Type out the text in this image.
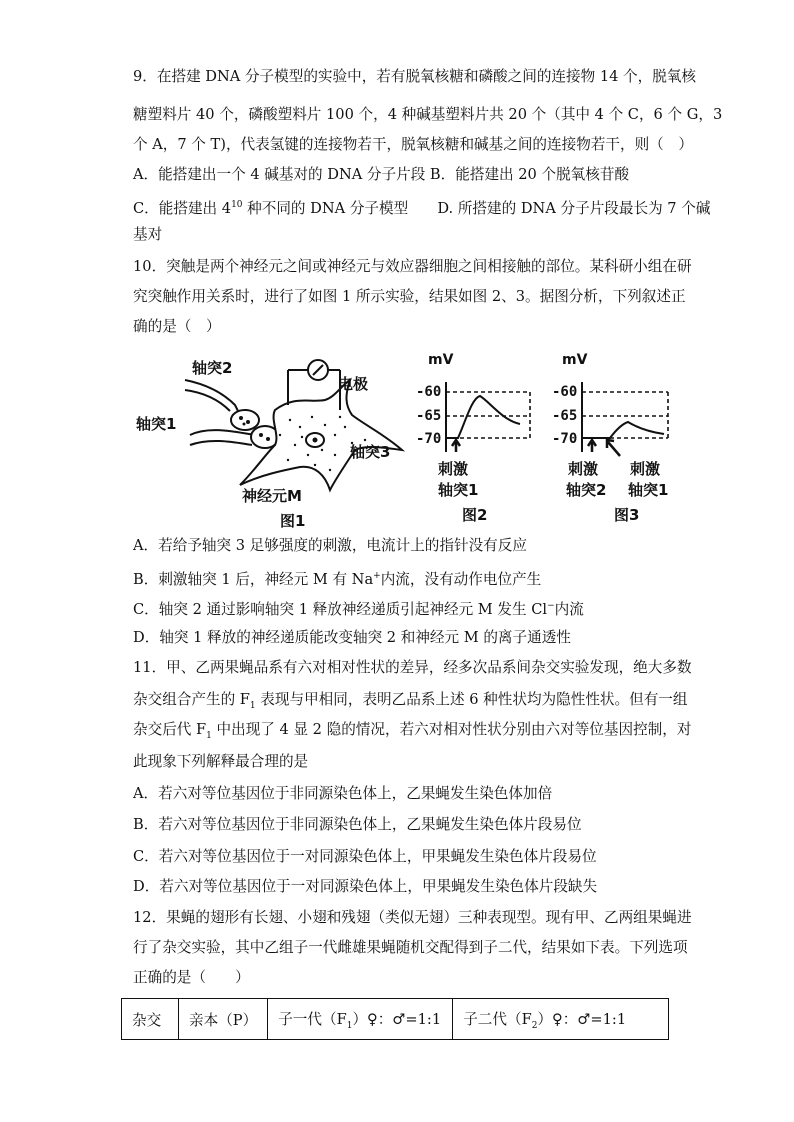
9．在搭建 DNA 分子模型的实验中，若有脱氧核糖和磷酸之间的连接物 14 个，脱氧核
糖塑料片 40 个，磷酸塑料片 100 个，4 种碱基塑料片共 20 个（其中 4 个 C，6 个 G，3
个 A，7 个 T)，代表氢键的连接物若干，脱氧核糖和碱基之间的连接物若干，则（　）
A．能搭建出一个 4 碱基对的 DNA 分子片段 B．能搭建出 20 个脱氧核苷酸
C．能搭建出 $4^{10}$ 种不同的 DNA 分子模型　　D. 所搭建的 DNA 分子片段最长为 7 个碱
基对
10．突触是两个神经元之间或神经元与效应器细胞之间相接触的部位。某科研小组在研
究突触作用关系时，进行了如图 1 所示实验，结果如图 2、3。据图分析，下列叙述正
确的是（　）
轴突2
轴突1
电极
轴突3
神经元M
图1
mV
-60
-65
-70
刺激
轴突1
图2
mV
-60
-65
-70
刺激
轴突2
刺激
轴突1
图3
A．若给予轴突 3 足够强度的刺激，电流计上的指针没有反应
B．刺激轴突 1 后，神经元 M 有 Na+内流，没有动作电位产生
C．轴突 2 通过影响轴突 1 释放神经递质引起神经元 M 发生 Cl−内流
D．轴突 1 释放的神经递质能改变轴突 2 和神经元 M 的离子通透性
11．甲、乙两果蝇品系有六对相对性状的差异，经多次品系间杂交实验发现，绝大多数
杂交组合产生的 $F_1$ 表现与甲相同，表明乙品系上述 6 种性状均为隐性性状。但有一组
杂交后代 $F_1$ 中出现了 4 显 2 隐的情况，若六对相对性状分别由六对等位基因控制，对
此现象下列解释最合理的是
A．若六对等位基因位于非同源染色体上，乙果蝇发生染色体加倍
B．若六对等位基因位于非同源染色体上，乙果蝇发生染色体片段易位
C．若六对等位基因位于一对同源染色体上，甲果蝇发生染色体片段易位
D．若六对等位基因位于一对同源染色体上，甲果蝇发生染色体片段缺失
12．果蝇的翅形有长翅、小翅和残翅（类似无翅）三种表现型。现有甲、乙两组果蝇进
行了杂交实验，其中乙组子一代雌雄果蝇随机交配得到子二代，结果如下表。下列选项
正确的是（　　）
杂交	亲本（P）	子一代$(F_1)♀$：♂=1:1	子二代$(F_2)♀$：♂=1:1
